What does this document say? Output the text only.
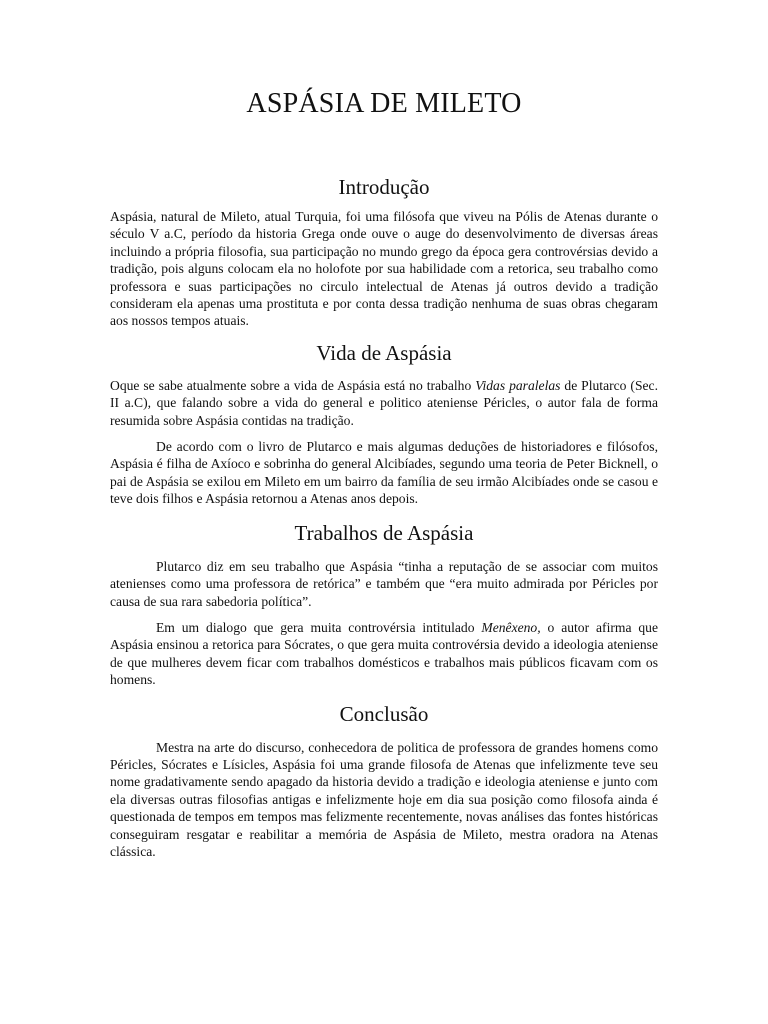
ASPÁSIA DE MILETO
Introdução

Aspásia, natural de Mileto, atual Turquia, foi uma filósofa que viveu na Pólis de Atenas durante o século V a.C, período da historia Grega onde ouve o auge do desenvolvimento de diversas áreas incluindo a própria filosofia, sua participação no mundo grego da época gera controvérsias devido a tradição, pois alguns colocam ela no holofote por sua habilidade com a retorica, seu trabalho como professora e suas participações no circulo intelectual de Atenas já outros devido a tradição consideram ela apenas uma prostituta e por conta dessa tradição nenhuma de suas obras chegaram aos nossos tempos atuais.

Vida de Aspásia

Oque se sabe atualmente sobre a vida de Aspásia está no trabalho Vidas paralelas de Plutarco (Sec. II a.C), que falando sobre a vida do general e politico ateniense Péricles, o autor fala de forma resumida sobre Aspásia contidas na tradição.

De acordo com o livro de Plutarco e mais algumas deduções de historiadores e filósofos, Aspásia é filha de Axíoco e sobrinha do general Alcibíades, segundo uma teoria de Peter Bicknell, o pai de Aspásia se exilou em Mileto em um bairro da família de seu irmão Alcibíades onde se casou e teve dois filhos e Aspásia retornou a Atenas anos depois.

Trabalhos de Aspásia

Plutarco diz em seu trabalho que Aspásia “tinha a reputação de se associar com muitos atenienses como uma professora de retórica” e também que “era muito admirada por Péricles por causa de sua rara sabedoria política”.

Em um dialogo que gera muita controvérsia intitulado Menêxeno, o autor afirma que Aspásia ensinou a retorica para Sócrates, o que gera muita controvérsia devido a ideologia ateniense de que mulheres devem ficar com trabalhos domésticos e trabalhos mais públicos ficavam com os homens.

Conclusão

Mestra na arte do discurso, conhecedora de politica de professora de grandes homens como Péricles, Sócrates e Lísicles, Aspásia foi uma grande filosofa de Atenas que infelizmente teve seu nome gradativamente sendo apagado da historia devido a tradição e ideologia ateniense e junto com ela diversas outras filosofias antigas e infelizmente hoje em dia sua posição como filosofa ainda é questionada de tempos em tempos mas felizmente recentemente, novas análises das fontes históricas conseguiram resgatar e reabilitar a memória de Aspásia de Mileto, mestra oradora na Atenas clássica.
